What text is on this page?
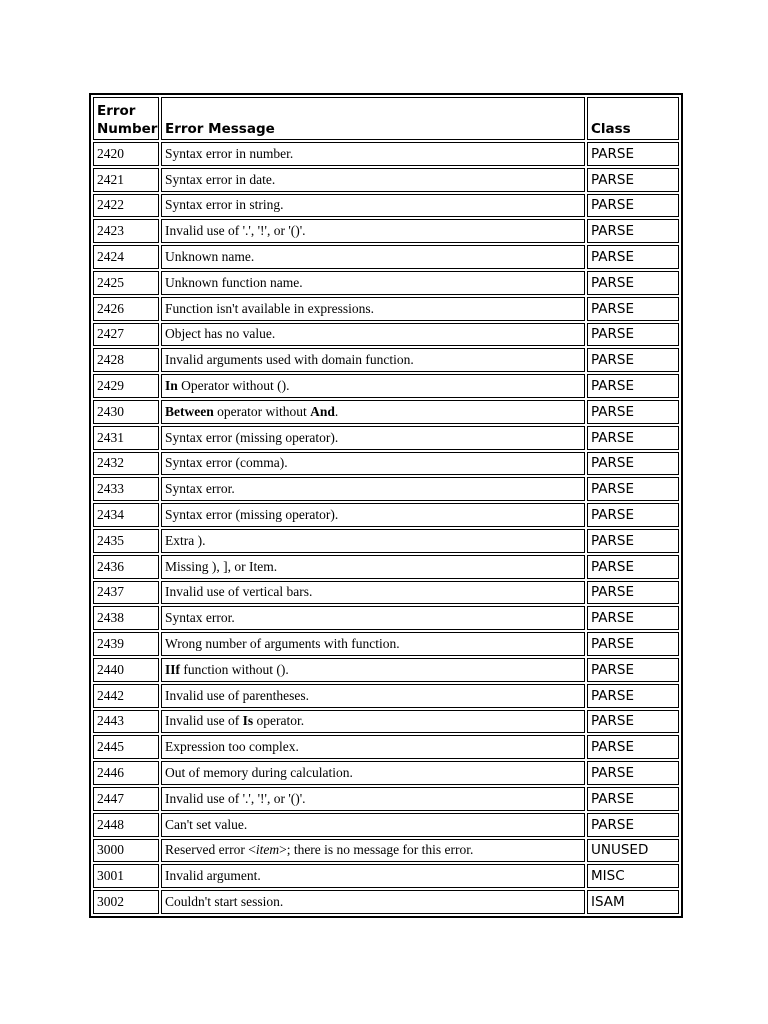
Error
Number	Error Message	Class
2420	Syntax error in number.	PARSE
2421	Syntax error in date.	PARSE
2422	Syntax error in string.	PARSE
2423	Invalid use of '.', '!', or '()'.	PARSE
2424	Unknown name.	PARSE
2425	Unknown function name.	PARSE
2426	Function isn't available in expressions.	PARSE
2427	Object has no value.	PARSE
2428	Invalid arguments used with domain function.	PARSE
2429	In Operator without ().	PARSE
2430	Between operator without And.	PARSE
2431	Syntax error (missing operator).	PARSE
2432	Syntax error (comma).	PARSE
2433	Syntax error.	PARSE
2434	Syntax error (missing operator).	PARSE
2435	Extra ).	PARSE
2436	Missing ), ], or Item.	PARSE
2437	Invalid use of vertical bars.	PARSE
2438	Syntax error.	PARSE
2439	Wrong number of arguments with function.	PARSE
2440	IIf function without ().	PARSE
2442	Invalid use of parentheses.	PARSE
2443	Invalid use of Is operator.	PARSE
2445	Expression too complex.	PARSE
2446	Out of memory during calculation.	PARSE
2447	Invalid use of '.', '!', or '()'.	PARSE
2448	Can't set value.	PARSE
3000	Reserved error <item>; there is no message for this error.	UNUSED
3001	Invalid argument.	MISC
3002	Couldn't start session.	ISAM
